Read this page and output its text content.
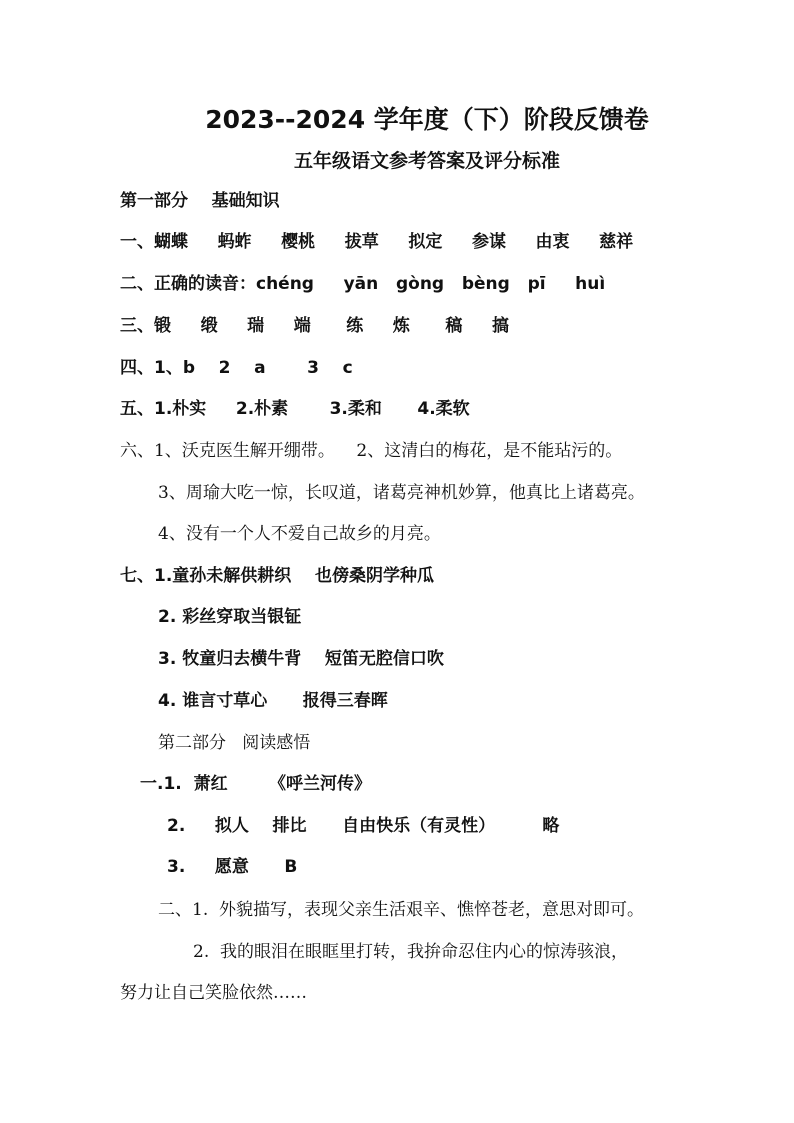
2023--2024 学年度（下）阶段反馈卷
五年级语文参考答案及评分标准
第一部分    基础知识
一、蝴蝶     蚂蚱     樱桃     拔草     拟定     参谋     由衷     慈祥
二、正确的读音：chéng     yān   gòng   bèng   pī     huì
三、锻     缎     瑞     端      练     炼      稿     搞
四、1、b    2    a       3    c
五、1.朴实     2.朴素       3.柔和      4.柔软
六、1、沃克医生解开绷带。    2、这清白的梅花，是不能玷污的。
3、周瑜大吃一惊，长叹道，诸葛亮神机妙算，他真比上诸葛亮。
4、没有一个人不爱自己故乡的月亮。
七、1.童孙未解供耕织    也傍桑阴学种瓜
2. 彩丝穿取当银钲
3. 牧童归去横牛背    短笛无腔信口吹
4. 谁言寸草心      报得三春晖
第二部分   阅读感悟
一.1.  萧红       《呼兰河传》
2.     拟人    排比      自由快乐（有灵性）        略
3.     愿意      B
二、1.  外貌描写，表现父亲生活艰辛、憔悴苍老，意思对即可。
2.  我的眼泪在眼眶里打转，我拚命忍住内心的惊涛骇浪，
努力让自己笑脸依然……
